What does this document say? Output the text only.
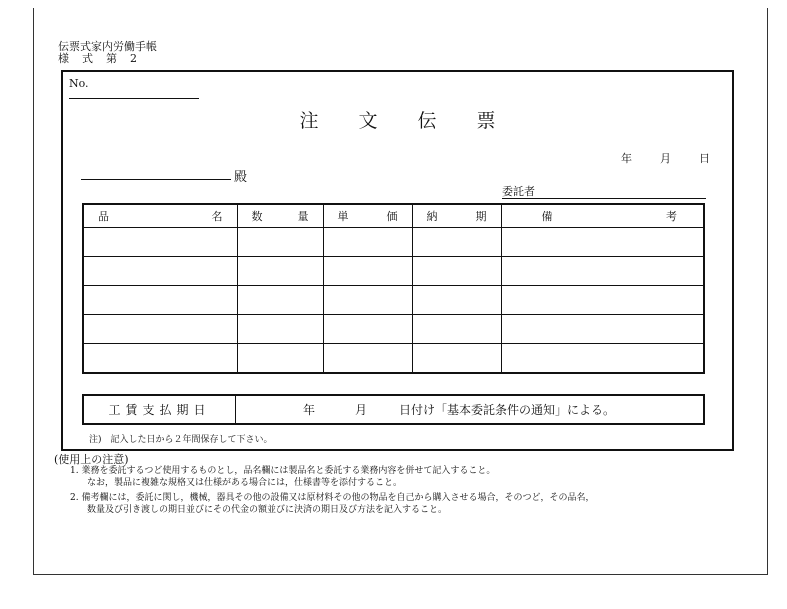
伝票式家内労働手帳
様　式　第　2
No.
注文伝票
年	月	日
殿
委託者
品 名	数 量	単 価	納 期	備 考

工賃支払期日	年	月	日付け「基本委託条件の通知」による。
注)　記入した日から２年間保存して下さい。
(使用上の注意)
1. 業務を委託するつど使用するものとし，品名欄には製品名と委託する業務内容を併せて記入すること。
なお，製品に複雑な規格又は仕様がある場合には，仕様書等を添付すること。
2. 備考欄には，委託に関し，機械，器具その他の設備又は原材料その他の物品を自己から購入させる場合，そのつど，その品名，
数量及び引き渡しの期日並びにその代金の額並びに決済の期日及び方法を記入すること。
